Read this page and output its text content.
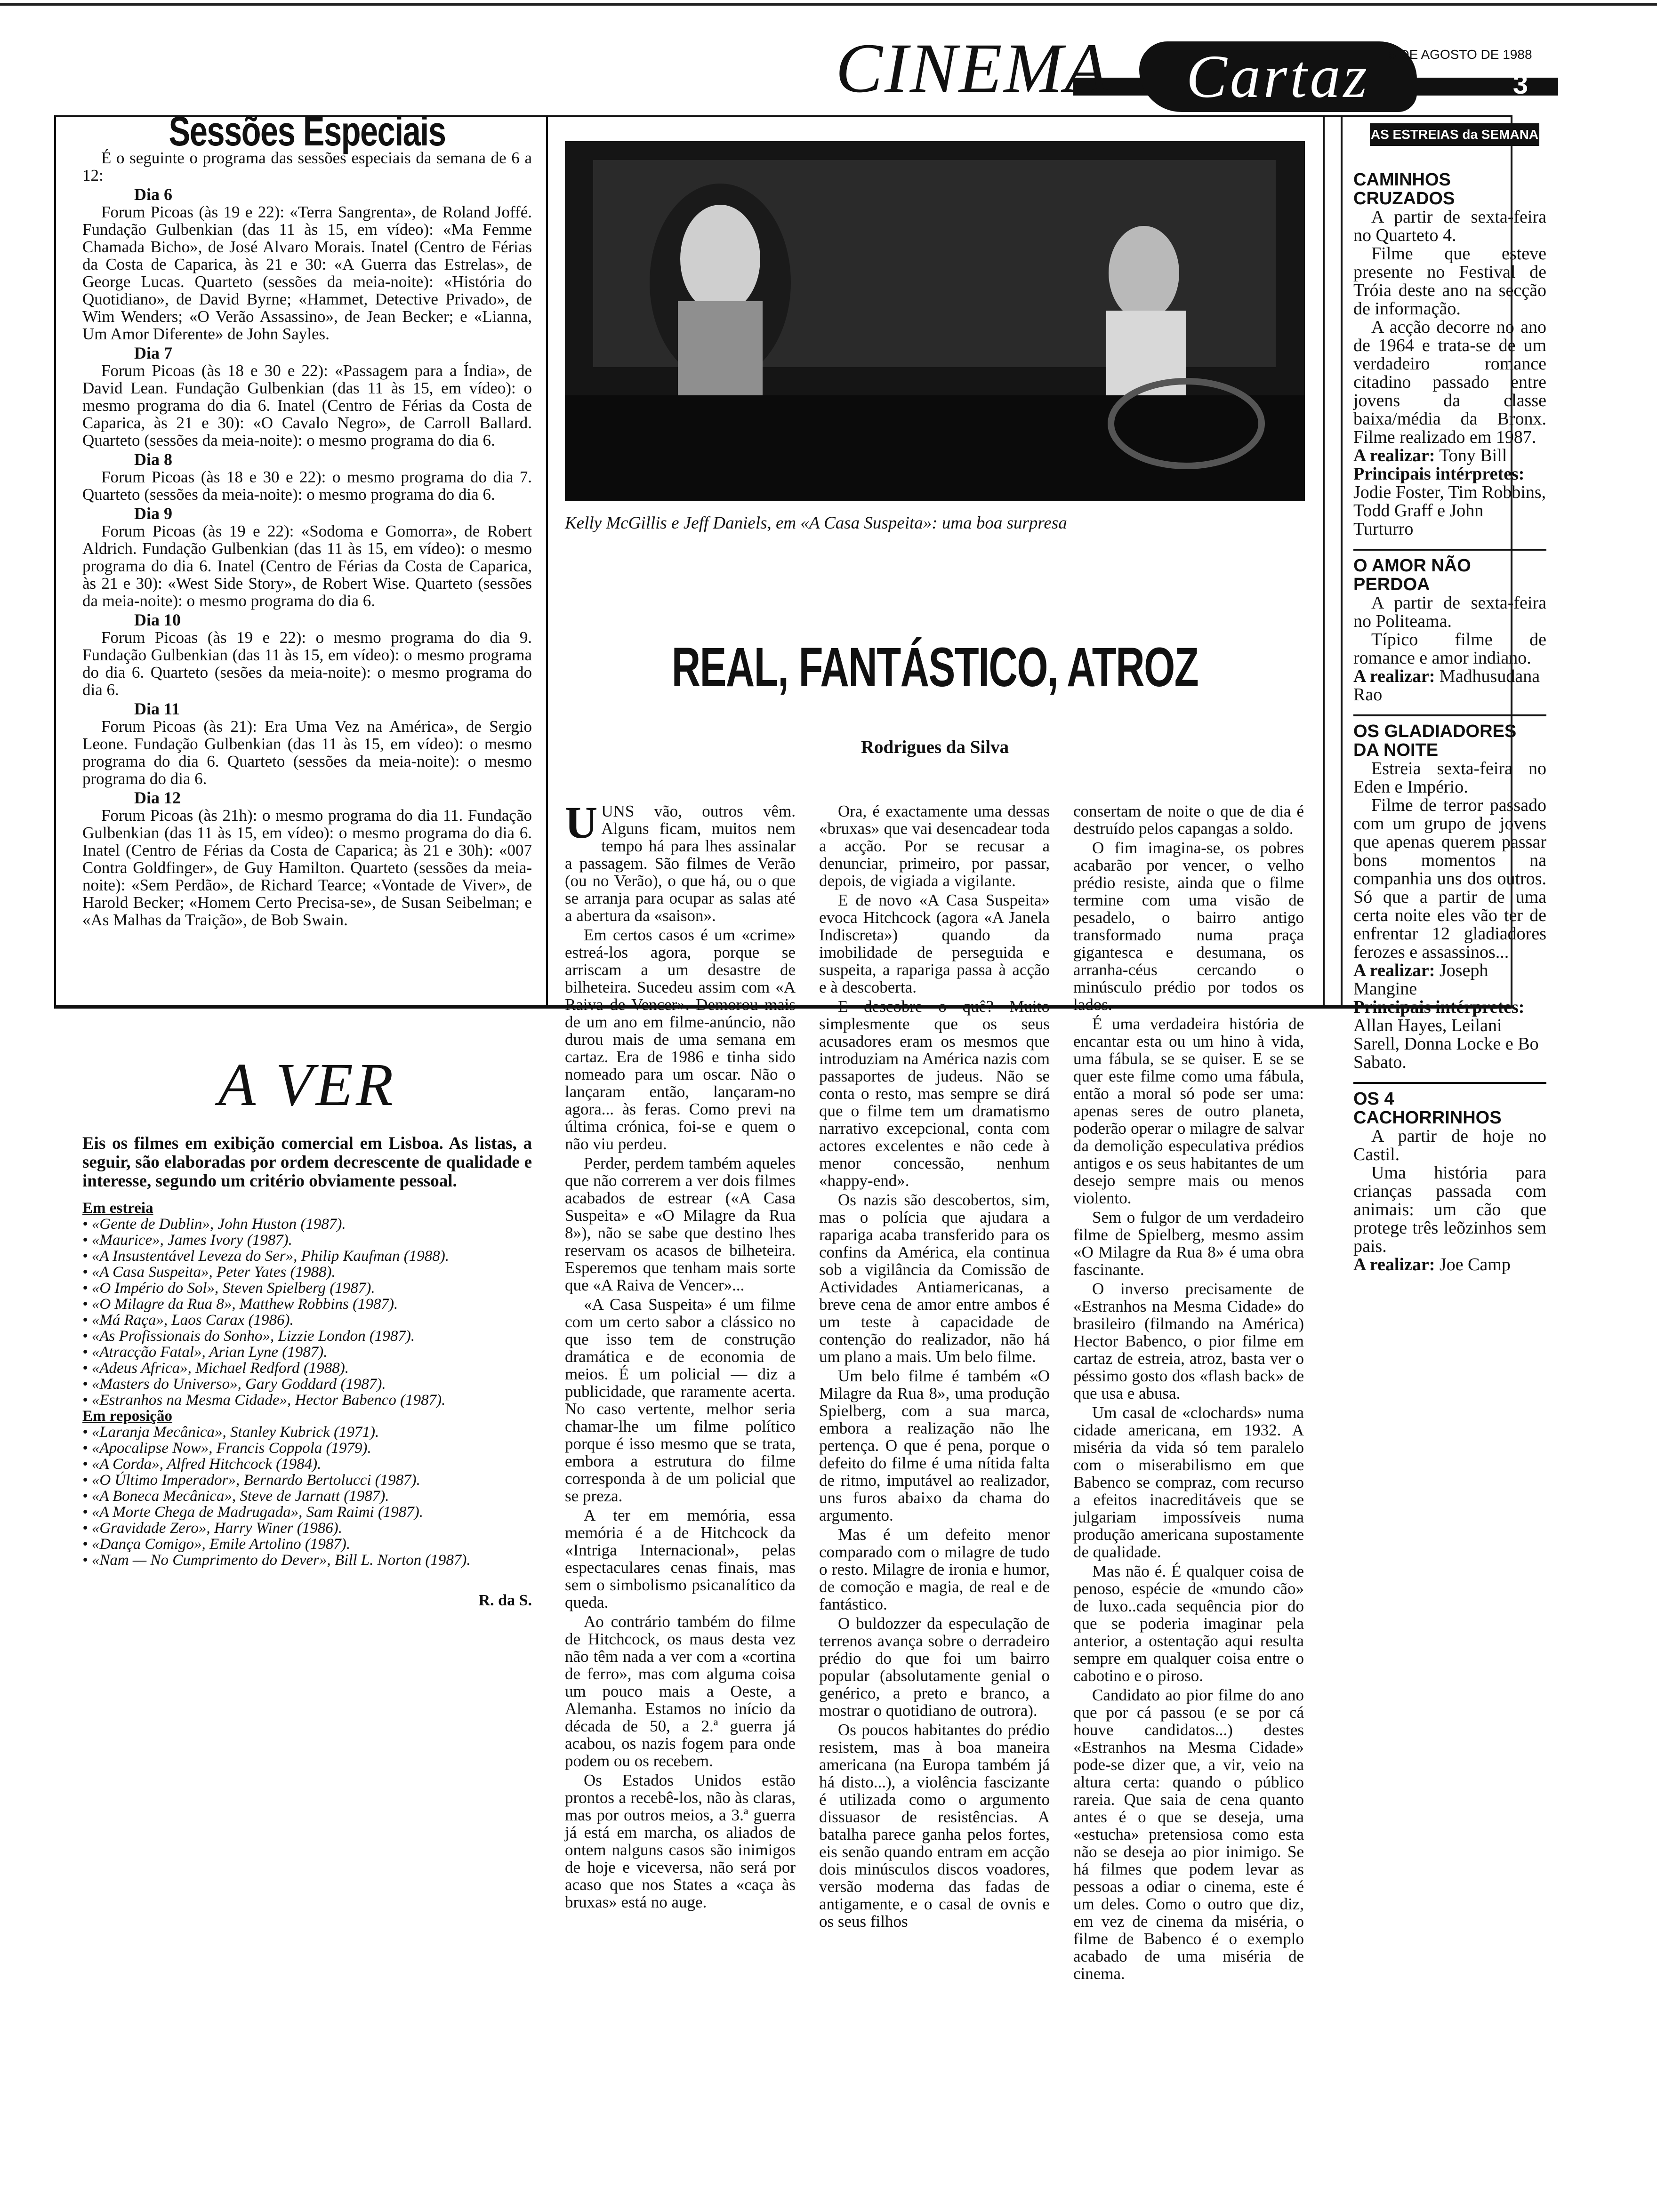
CINEMA	Cartaz	5 DE AGOSTO DE 1988
3
Sessões Especiais

É o seguinte o programa das sessões especiais da semana de 6 a 12:

Dia 6

Forum Picoas (às 19 e 22): «Terra Sangrenta», de Roland Joffé. Fundação Gulbenkian (das 11 às 15, em vídeo): «Ma Femme Chamada Bicho», de José Alvaro Morais. Inatel (Centro de Férias da Costa de Caparica, às 21 e 30: «A Guerra das Estrelas», de George Lucas. Quarteto (sessões da meia-noite): «História do Quotidiano», de David Byrne; «Hammet, Detective Privado», de Wim Wenders; «O Verão Assassino», de Jean Becker; e «Lianna, Um Amor Diferente» de John Sayles.

Dia 7

Forum Picoas (às 18 e 30 e 22): «Passagem para a Índia», de David Lean. Fundação Gulbenkian (das 11 às 15, em vídeo): o mesmo programa do dia 6. Inatel (Centro de Férias da Costa de Caparica, às 21 e 30): «O Cavalo Negro», de Carroll Ballard. Quarteto (sessões da meia-noite): o mesmo programa do dia 6.

Dia 8

Forum Picoas (às 18 e 30 e 22): o mesmo programa do dia 7. Quarteto (sessões da meia-noite): o mesmo programa do dia 6.

Dia 9

Forum Picoas (às 19 e 22): «Sodoma e Gomorra», de Robert Aldrich. Fundação Gulbenkian (das 11 às 15, em vídeo): o mesmo programa do dia 6. Inatel (Centro de Férias da Costa de Caparica, às 21 e 30): «West Side Story», de Robert Wise. Quarteto (sessões da meia-noite): o mesmo programa do dia 6.

Dia 10

Forum Picoas (às 19 e 22): o mesmo programa do dia 9. Fundação Gulbenkian (das 11 às 15, em vídeo): o mesmo programa do dia 6. Quarteto (sesões da meia-noite): o mesmo programa do dia 6.

Dia 11

Forum Picoas (às 21): Era Uma Vez na América», de Sergio Leone. Fundação Gulbenkian (das 11 às 15, em vídeo): o mesmo programa do dia 6. Quarteto (sessões da meia-noite): o mesmo programa do dia 6.

Dia 12

Forum Picoas (às 21h): o mesmo programa do dia 11. Fundação Gulbenkian (das 11 às 15, em vídeo): o mesmo programa do dia 6. Inatel (Centro de Férias da Costa de Caparica; às 21 e 30h): «007 Contra Goldfinger», de Guy Hamilton. Quarteto (sessões da meia-noite): «Sem Perdão», de Richard Tearce; «Vontade de Viver», de Harold Becker; «Homem Certo Precisa-se», de Susan Seibelman; e «As Malhas da Traição», de Bob Swain.

A VER
Eis os filmes em exibição comercial em Lisboa. As listas, a seguir, são elaboradas por ordem decrescente de qualidade e interesse, segundo um critério obviamente pessoal.
Em estreia
• «Gente de Dublin», John Huston (1987).
• «Maurice», James Ivory (1987).
• «A Insustentável Leveza do Ser», Philip Kaufman (1988).
• «A Casa Suspeita», Peter Yates (1988).
• «O Império do Sol», Steven Spielberg (1987).
• «O Milagre da Rua 8», Matthew Robbins (1987).
• «Má Raça», Laos Carax (1986).
• «As Profissionais do Sonho», Lizzie London (1987).
• «Atracção Fatal», Arian Lyne (1987).
• «Adeus Africa», Michael Redford (1988).
• «Masters do Universo», Gary Goddard (1987).
• «Estranhos na Mesma Cidade», Hector Babenco (1987).
Em reposição
• «Laranja Mecânica», Stanley Kubrick (1971).
• «Apocalipse Now», Francis Coppola (1979).
• «A Corda», Alfred Hitchcock (1984).
• «O Último Imperador», Bernardo Bertolucci (1987).
• «A Boneca Mecânica», Steve de Jarnatt (1987).
• «A Morte Chega de Madrugada», Sam Raimi (1987).
• «Gravidade Zero», Harry Winer (1986).
• «Dança Comigo», Emile Artolino (1987).
• «Nam — No Cumprimento do Dever», Bill L. Norton (1987).
R. da S.
Kelly McGillis e Jeff Daniels, em «A Casa Suspeita»: uma boa surpresa
REAL, FANTÁSTICO, ATROZ
Rodrigues da Silva

UUNS vão, outros vêm. Alguns ficam, muitos nem tempo há para lhes assinalar a passagem. São filmes de Verão (ou no Verão), o que há, ou o que se arranja para ocupar as salas até a abertura da «saison».

Em certos casos é um «crime» estreá-los agora, porque se arriscam a um desastre de bilheteira. Sucedeu assim com «A Raiva de Vencer». Demorou mais de um ano em filme-anúncio, não durou mais de uma semana em cartaz. Era de 1986 e tinha sido nomeado para um oscar. Não o lançaram então, lançaram-no agora... às feras. Como previ na última crónica, foi-se e quem o não viu perdeu.

Perder, perdem também aqueles que não correrem a ver dois filmes acabados de estrear («A Casa Suspeita» e «O Milagre da Rua 8»), não se sabe que destino lhes reservam os acasos de bilheteira. Esperemos que tenham mais sorte que «A Raiva de Vencer»...

«A Casa Suspeita» é um filme com um certo sabor a clássico no que isso tem de construção dramática e de economia de meios. É um policial — diz a publicidade, que raramente acerta. No caso vertente, melhor seria chamar-lhe um filme político porque é isso mesmo que se trata, embora a estrutura do filme corresponda à de um policial que se preza.

A ter em memória, essa memória é a de Hitchcock da «Intriga Internacional», pelas espectaculares cenas finais, mas sem o simbolismo psicanalítico da queda.

Ao contrário também do filme de Hitchcock, os maus desta vez não têm nada a ver com a «cortina de ferro», mas com alguma coisa um pouco mais a Oeste, a Alemanha. Estamos no início da década de 50, a 2.ª guerra já acabou, os nazis fogem para onde podem ou os recebem.

Os Estados Unidos estão prontos a recebê-los, não às claras, mas por outros meios, a 3.ª guerra já está em marcha, os aliados de ontem nalguns casos são inimigos de hoje e viceversa, não será por acaso que nos States a «caça às bruxas» está no auge.

Ora, é exactamente uma dessas «bruxas» que vai desencadear toda a acção. Por se recusar a denunciar, primeiro, por passar, depois, de vigiada a vigilante.

E de novo «A Casa Suspeita» evoca Hitchcock (agora «A Janela Indiscreta») quando da imobilidade de perseguida e suspeita, a rapariga passa à acção e à descoberta.

E descobre o quê? Muito simplesmente que os seus acusadores eram os mesmos que introduziam na América nazis com passaportes de judeus. Não se conta o resto, mas sempre se dirá que o filme tem um dramatismo narrativo excepcional, conta com actores excelentes e não cede à menor concessão, nenhum «happy-end».

Os nazis são descobertos, sim, mas o polícia que ajudara a rapariga acaba transferido para os confins da América, ela continua sob a vigilância da Comissão de Actividades Antiamericanas, a breve cena de amor entre ambos é um teste à capacidade de contenção do realizador, não há um plano a mais. Um belo filme.

Um belo filme é também «O Milagre da Rua 8», uma produção Spielberg, com a sua marca, embora a realização não lhe pertença. O que é pena, porque o defeito do filme é uma nítida falta de ritmo, imputável ao realizador, uns furos abaixo da chama do argumento.

Mas é um defeito menor comparado com o milagre de tudo o resto. Milagre de ironia e humor, de comoção e magia, de real e de fantástico.

O buldozzer da especulação de terrenos avança sobre o derradeiro prédio do que foi um bairro popular (absolutamente genial o genérico, a preto e branco, a mostrar o quotidiano de outrora).

Os poucos habitantes do prédio resistem, mas à boa maneira americana (na Europa também já há disto...), a violência fascizante é utilizada como o argumento dissuasor de resistências. A batalha parece ganha pelos fortes, eis senão quando entram em acção dois minúsculos discos voadores, versão moderna das fadas de antigamente, e o casal de ovnis e os seus filhos

consertam de noite o que de dia é destruído pelos capangas a soldo.

O fim imagina-se, os pobres acabarão por vencer, o velho prédio resiste, ainda que o filme termine com uma visão de pesadelo, o bairro antigo transformado numa praça gigantesca e desumana, os arranha-céus cercando o minúsculo prédio por todos os lados.

É uma verdadeira história de encantar esta ou um hino à vida, uma fábula, se se quiser. E se se quer este filme como uma fábula, então a moral só pode ser uma: apenas seres de outro planeta, poderão operar o milagre de salvar da demolição especulativa prédios antigos e os seus habitantes de um desejo sempre mais ou menos violento.

Sem o fulgor de um verdadeiro filme de Spielberg, mesmo assim «O Milagre da Rua 8» é uma obra fascinante.

O inverso precisamente de «Estranhos na Mesma Cidade» do brasileiro (filmando na América) Hector Babenco, o pior filme em cartaz de estreia, atroz, basta ver o péssimo gosto dos «flash back» de que usa e abusa.

Um casal de «clochards» numa cidade americana, em 1932. A miséria da vida só tem paralelo com o miserabilismo em que Babenco se compraz, com recurso a efeitos inacreditáveis que se julgariam impossíveis numa produção americana supostamente de qualidade.

Mas não é. É qualquer coisa de penoso, espécie de «mundo cão» de luxo..cada sequência pior do que se poderia imaginar pela anterior, a ostentação aqui resulta sempre em qualquer coisa entre o cabotino e o piroso.

Candidato ao pior filme do ano que por cá passou (e se por cá houve candidatos...) destes «Estranhos na Mesma Cidade» pode-se dizer que, a vir, veio na altura certa: quando o público rareia. Que saia de cena quanto antes é o que se deseja, uma «estucha» pretensiosa como esta não se deseja ao pior inimigo. Se há filmes que podem levar as pessoas a odiar o cinema, este é um deles. Como o outro que diz, em vez de cinema da miséria, o filme de Babenco é o exemplo acabado de uma miséria de cinema.

AS ESTREIAS da SEMANA
CAMINHOS CRUZADOS

A partir de sexta-feira no Quarteto 4.

Filme que esteve presente no Festival de Tróia deste ano na secção de informação.

A acção decorre no ano de 1964 e trata-se de um verdadeiro romance citadino passado entre jovens da classe baixa/média da Bronx. Filme realizado em 1987.

A realizar: Tony Bill
Principais intérpretes: Jodie Foster, Tim Robbins, Todd Graff e John Turturro
O AMOR NÃO PERDOA

A partir de sexta-feira no Politeama.

Típico filme de romance e amor indiano.

A realizar: Madhusudana Rao
OS GLADIADORES DA NOITE

Estreia sexta-feira no Eden e Império.

Filme de terror passado com um grupo de jovens que apenas querem passar bons momentos na companhia uns dos outros. Só que a partir de uma certa noite eles vão ter de enfrentar 12 gladiadores ferozes e assassinos...

A realizar: Joseph Mangine
Principais intérpretes: Allan Hayes, Leilani Sarell, Donna Locke e Bo Sabato.
OS 4 CACHORRINHOS

A partir de hoje no Castil.

Uma história para crianças passada com animais: um cão que protege três leõzinhos sem pais.

A realizar: Joe Camp
